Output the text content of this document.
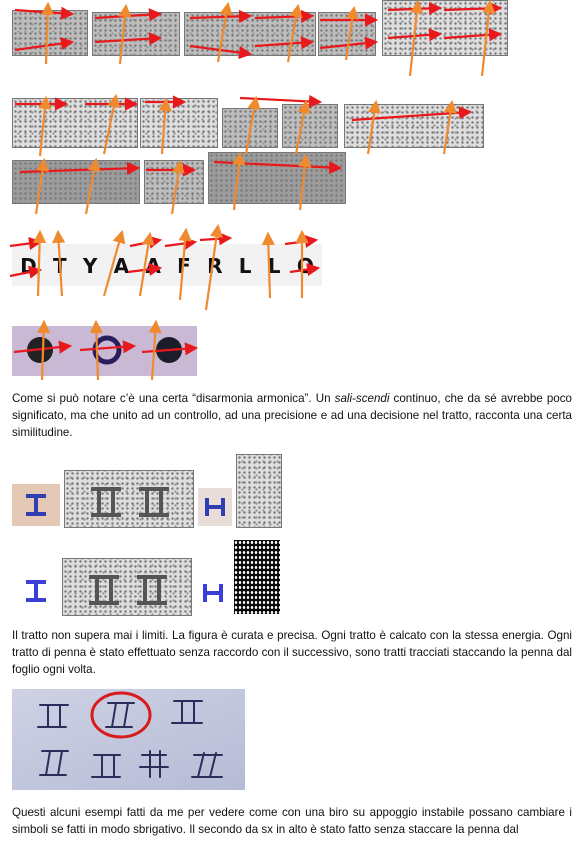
D T Y A A F R L L O

Come si può notare c’è una certa “disarmonia armonica”. Un sali-scendi continuo, che da sé avrebbe poco significato, ma che unito ad un controllo, ad una precisione e ad una decisione nel tratto, racconta una certa similitudine.

Il tratto non supera mai i limiti. La figura è curata e precisa. Ogni tratto è calcato con la stessa energia. Ogni tratto di penna è stato effettuato senza raccordo con il successivo, sono tratti tracciati staccando la penna dal foglio ogni volta.

Questi alcuni esempi fatti da me per vedere come con una biro su appoggio instabile possano cambiare i simboli se fatti in modo sbrigativo. Il secondo da sx in alto è stato fatto senza staccare la penna dal
